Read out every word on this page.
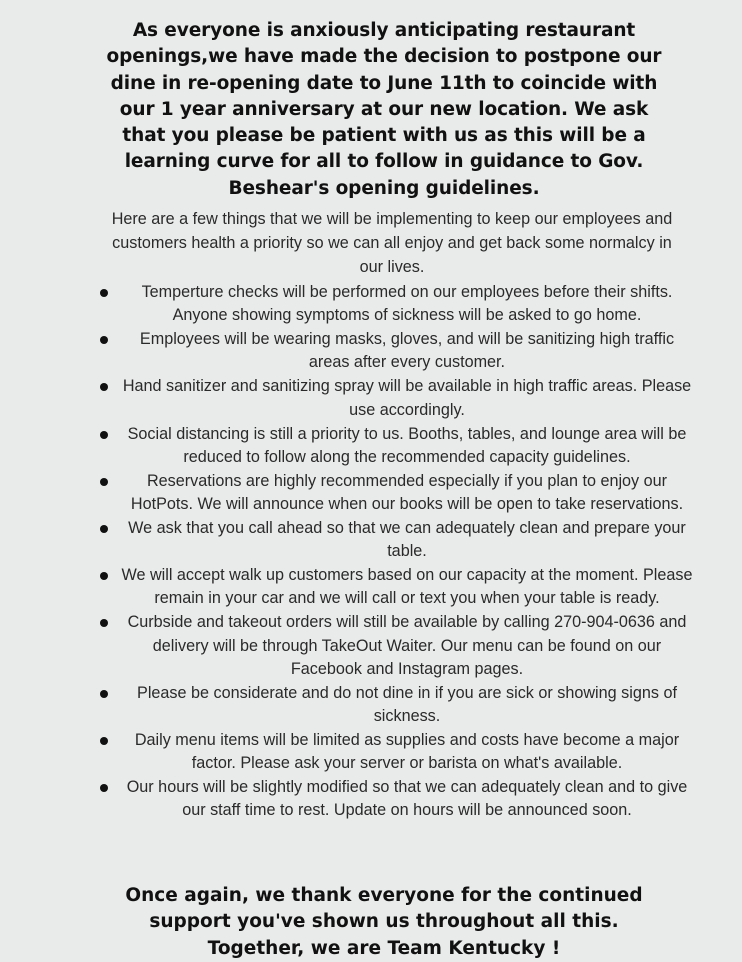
As everyone is anxiously anticipating restaurant openings,we have made the decision to postpone our dine in re-opening date to June 11th to coincide with our 1 year anniversary at our new location. We ask that you please be patient with us as this will be a learning curve for all to follow in guidance to Gov. Beshear's opening guidelines.

Here are a few things that we will be implementing to keep our employees and customers health a priority so we can all enjoy and get back some normalcy in our lives.

Temperture checks will be performed on our employees before their shifts. Anyone showing symptoms of sickness will be asked to go home.
Employees will be wearing masks, gloves, and will be sanitizing high traffic areas after every customer.
Hand sanitizer and sanitizing spray will be available in high traffic areas. Please use accordingly.
Social distancing is still a priority to us. Booths, tables, and lounge area will be reduced to follow along the recommended capacity guidelines.
Reservations are highly recommended especially if you plan to enjoy our HotPots. We will announce when our books will be open to take reservations.
We ask that you call ahead so that we can adequately clean and prepare your table.
We will accept walk up customers based on our capacity at the moment. Please remain in your car and we will call or text you when your table is ready.
Curbside and takeout orders will still be available by calling 270-904-0636 and delivery will be through TakeOut Waiter. Our menu can be found on our Facebook and Instagram pages.
Please be considerate and do not dine in if you are sick or showing signs of sickness.
Daily menu items will be limited as supplies and costs have become a major factor. Please ask your server or barista on what's available.
Our hours will be slightly modified so that we can adequately clean and to give our staff time to rest. Update on hours will be announced soon.

Once again, we thank everyone for the continued support you've shown us throughout all this. Together, we are Team Kentucky !
